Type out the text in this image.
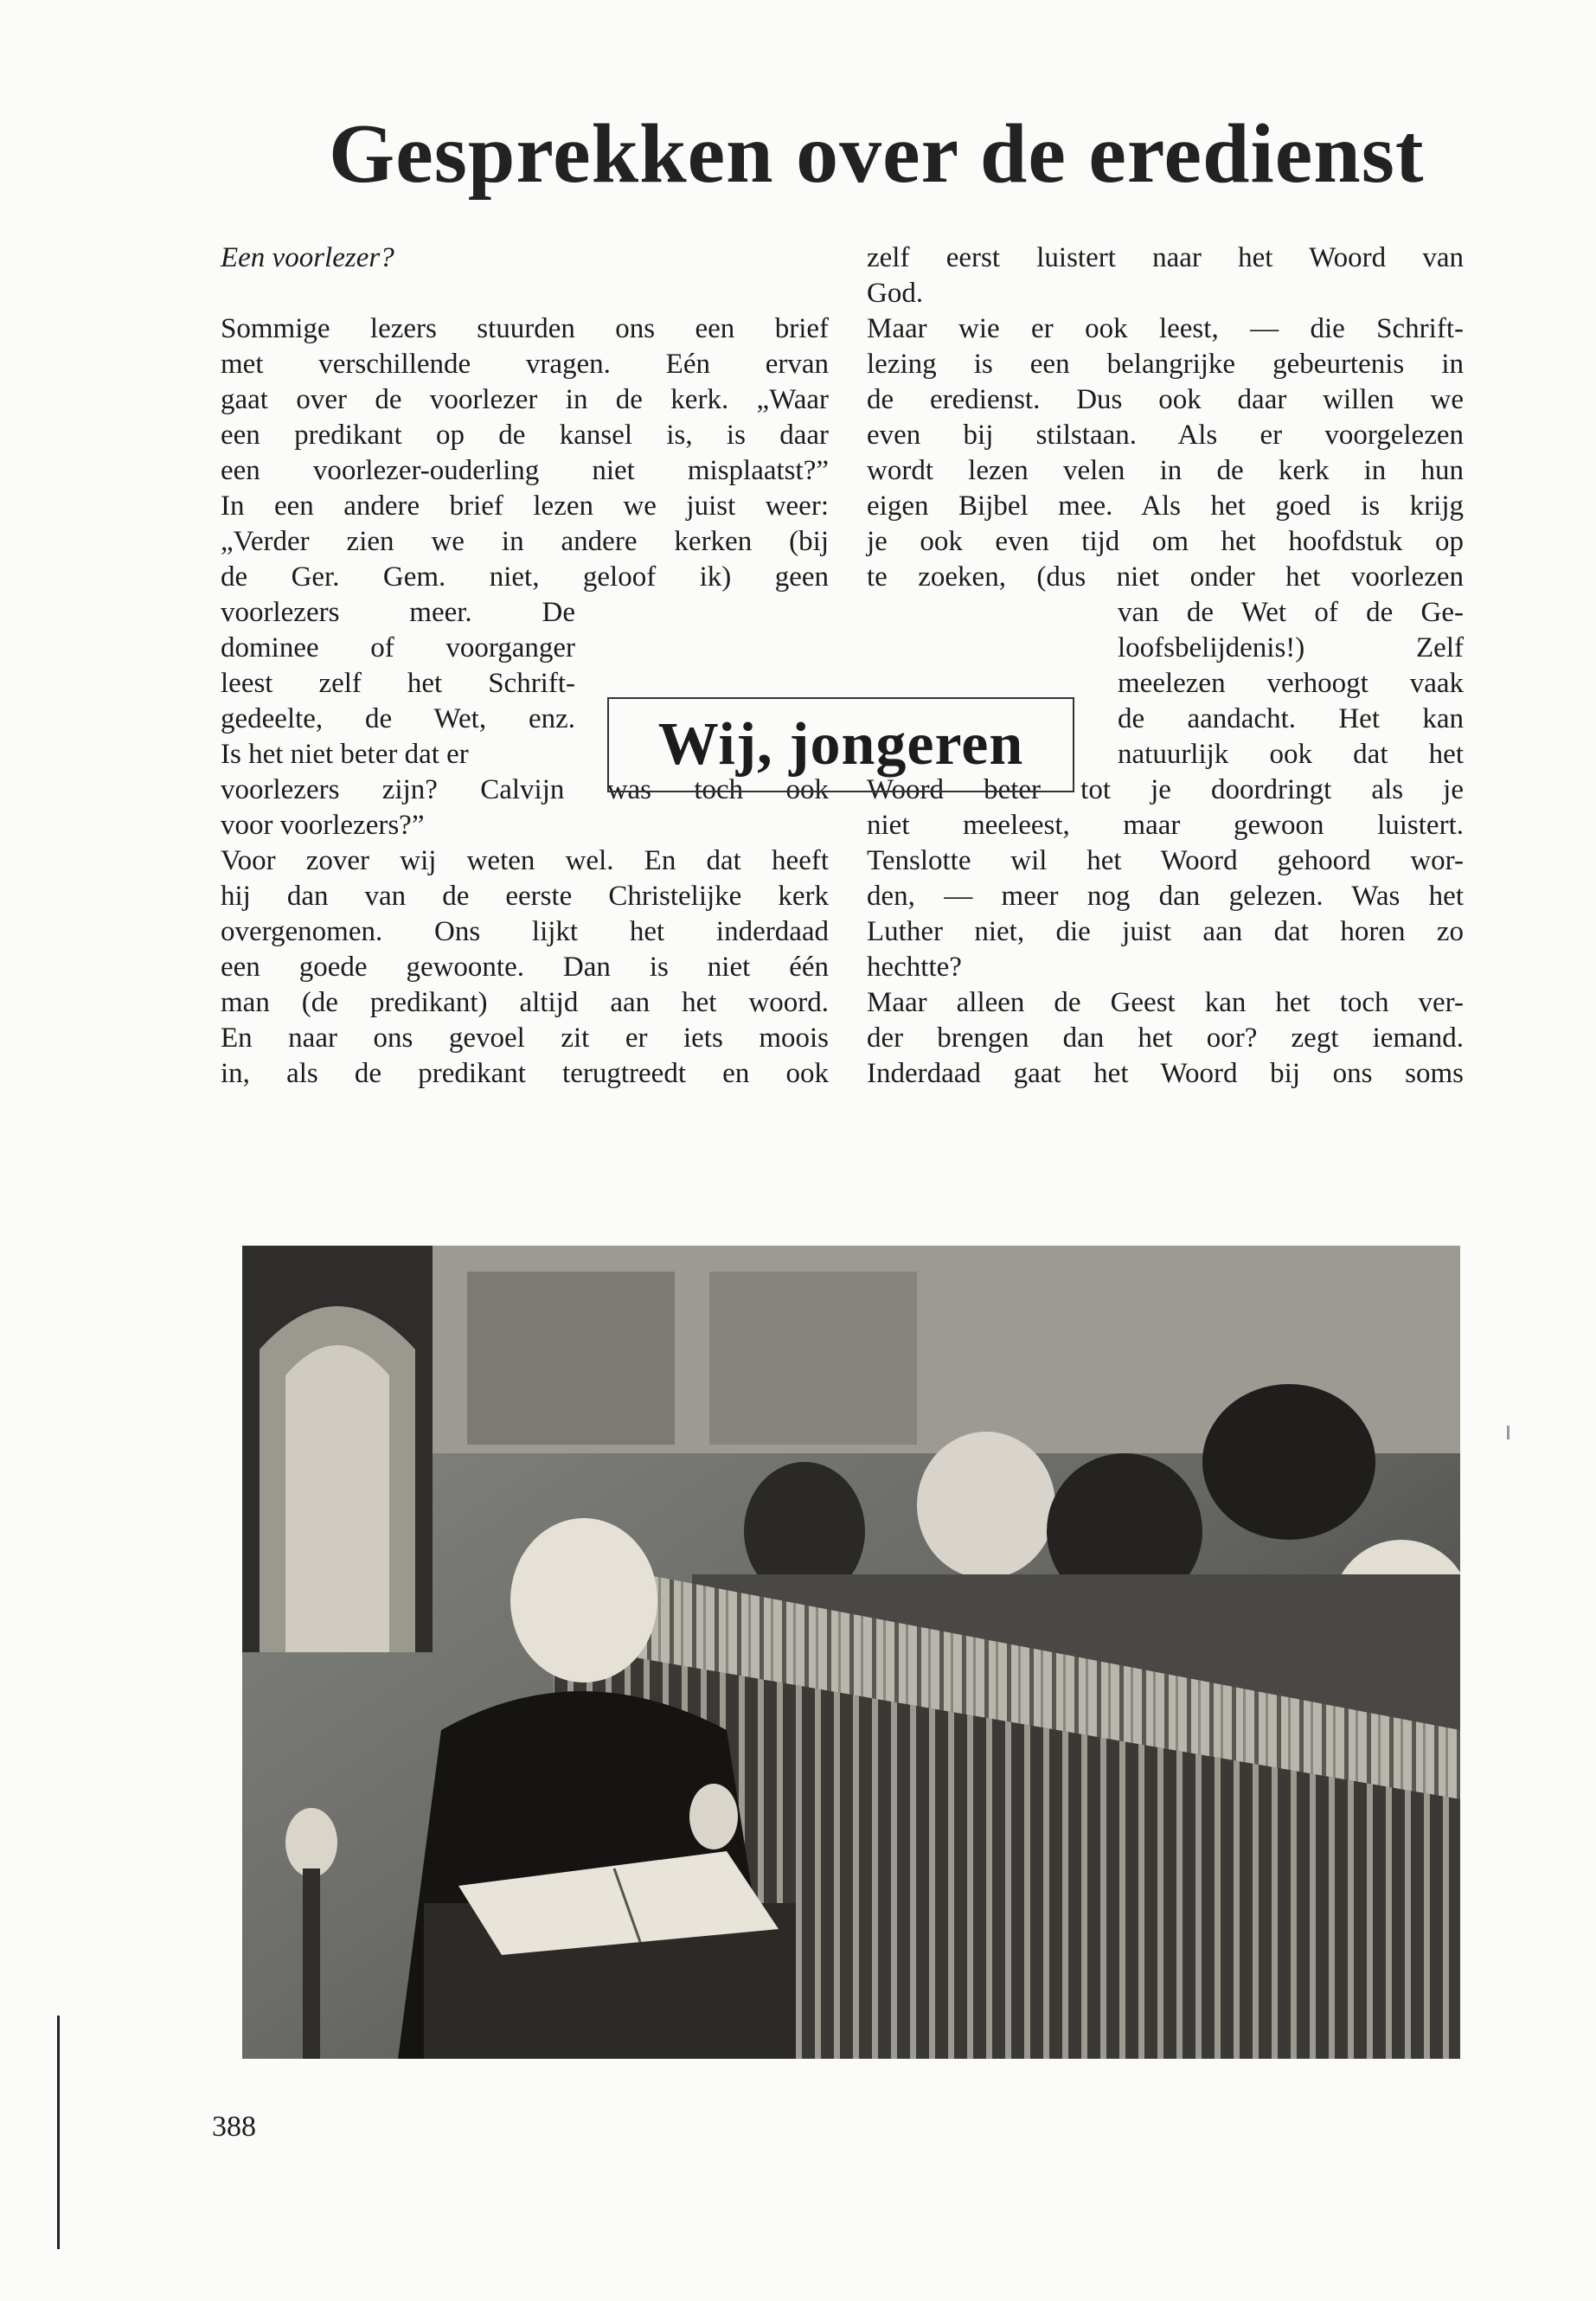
Gesprekken over de eredienst
Een voorlezer?
Sommige lezers stuurden ons een brief
met verschillende vragen. Eén ervan
gaat over de voorlezer in de kerk. „Waar
een predikant op de kansel is, is daar
een voorlezer-ouderling niet misplaatst?”
In een andere brief lezen we juist weer:
„Verder zien we in andere kerken (bij
de Ger. Gem. niet, geloof ik) geen
voorlezers meer. De
dominee of voorganger
leest zelf het Schrift-
gedeelte, de Wet, enz.
Is het niet beter dat er
voorlezers zijn? Calvijn was toch ook
voor voorlezers?”
Voor zover wij weten wel. En dat heeft
hij dan van de eerste Christelijke kerk
overgenomen. Ons lijkt het inderdaad
een goede gewoonte. Dan is niet één
man (de predikant) altijd aan het woord.
En naar ons gevoel zit er iets moois
in, als de predikant terugtreedt en ook
zelf eerst luistert naar het Woord van
God.
Maar wie er ook leest, — die Schrift-
lezing is een belangrijke gebeurtenis in
de eredienst. Dus ook daar willen we
even bij stilstaan. Als er voorgelezen
wordt lezen velen in de kerk in hun
eigen Bijbel mee. Als het goed is krijg
je ook even tijd om het hoofdstuk op
te zoeken, (dus niet onder het voorlezen
van de Wet of de Ge-
loofsbelijdenis!) Zelf
meelezen verhoogt vaak
de aandacht. Het kan
natuurlijk ook dat het
Woord beter tot je doordringt als je
niet meeleest, maar gewoon luistert.
Tenslotte wil het Woord gehoord wor-
den, — meer nog dan gelezen. Was het
Luther niet, die juist aan dat horen zo
hechtte?
Maar alleen de Geest kan het toch ver-
der brengen dan het oor? zegt iemand.
Inderdaad gaat het Woord bij ons soms
Wij, jongeren
388
